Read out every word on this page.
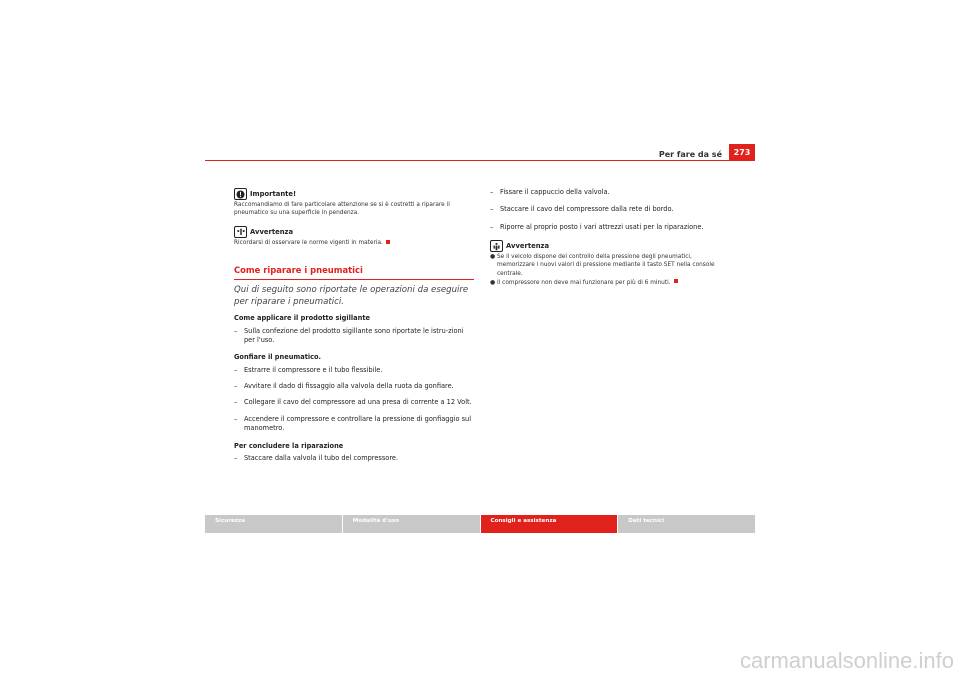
Per fare da sé	273
Importante!
Raccomandiamo di fare particolare attenzione se si è costretti a riparare il pneumatico su una superficie in pendenza.
Avvertenza
Ricordarsi di osservare le norme vigenti in materia.
Come riparare i pneumatici
Qui di seguito sono riportate le operazioni da eseguire per riparare i pneumatici.
Come applicare il prodotto sigillante
–	Sulla confezione del prodotto sigillante sono riportate le istru-zioni per l'uso.
Gonfiare il pneumatico.
–	Estrarre il compressore e il tubo flessibile.
–	Avvitare il dado di fissaggio alla valvola della ruota da gonfiare.
–	Collegare il cavo del compressore ad una presa di corrente a 12 Volt.
–	Accendere il compressore e controllare la pressione di gonfiaggio sul manometro.
Per concludere la riparazione
–	Staccare dalla valvola il tubo del compressore.
–	Fissare il cappuccio della valvola.
–	Staccare il cavo del compressore dalla rete di bordo.
–	Riporre al proprio posto i vari attrezzi usati per la riparazione.
Avvertenza
● Se il veicolo dispone del controllo della pressione degli pneumatici, memorizzare i nuovi valori di pressione mediante il tasto SET nella console centrale.
● Il compressore non deve mai funzionare per più di 6 minuti.
Sicurezza	Modalità d'uso	Consigli e assistenza	Dati tecnici
carmanualsonline.info
